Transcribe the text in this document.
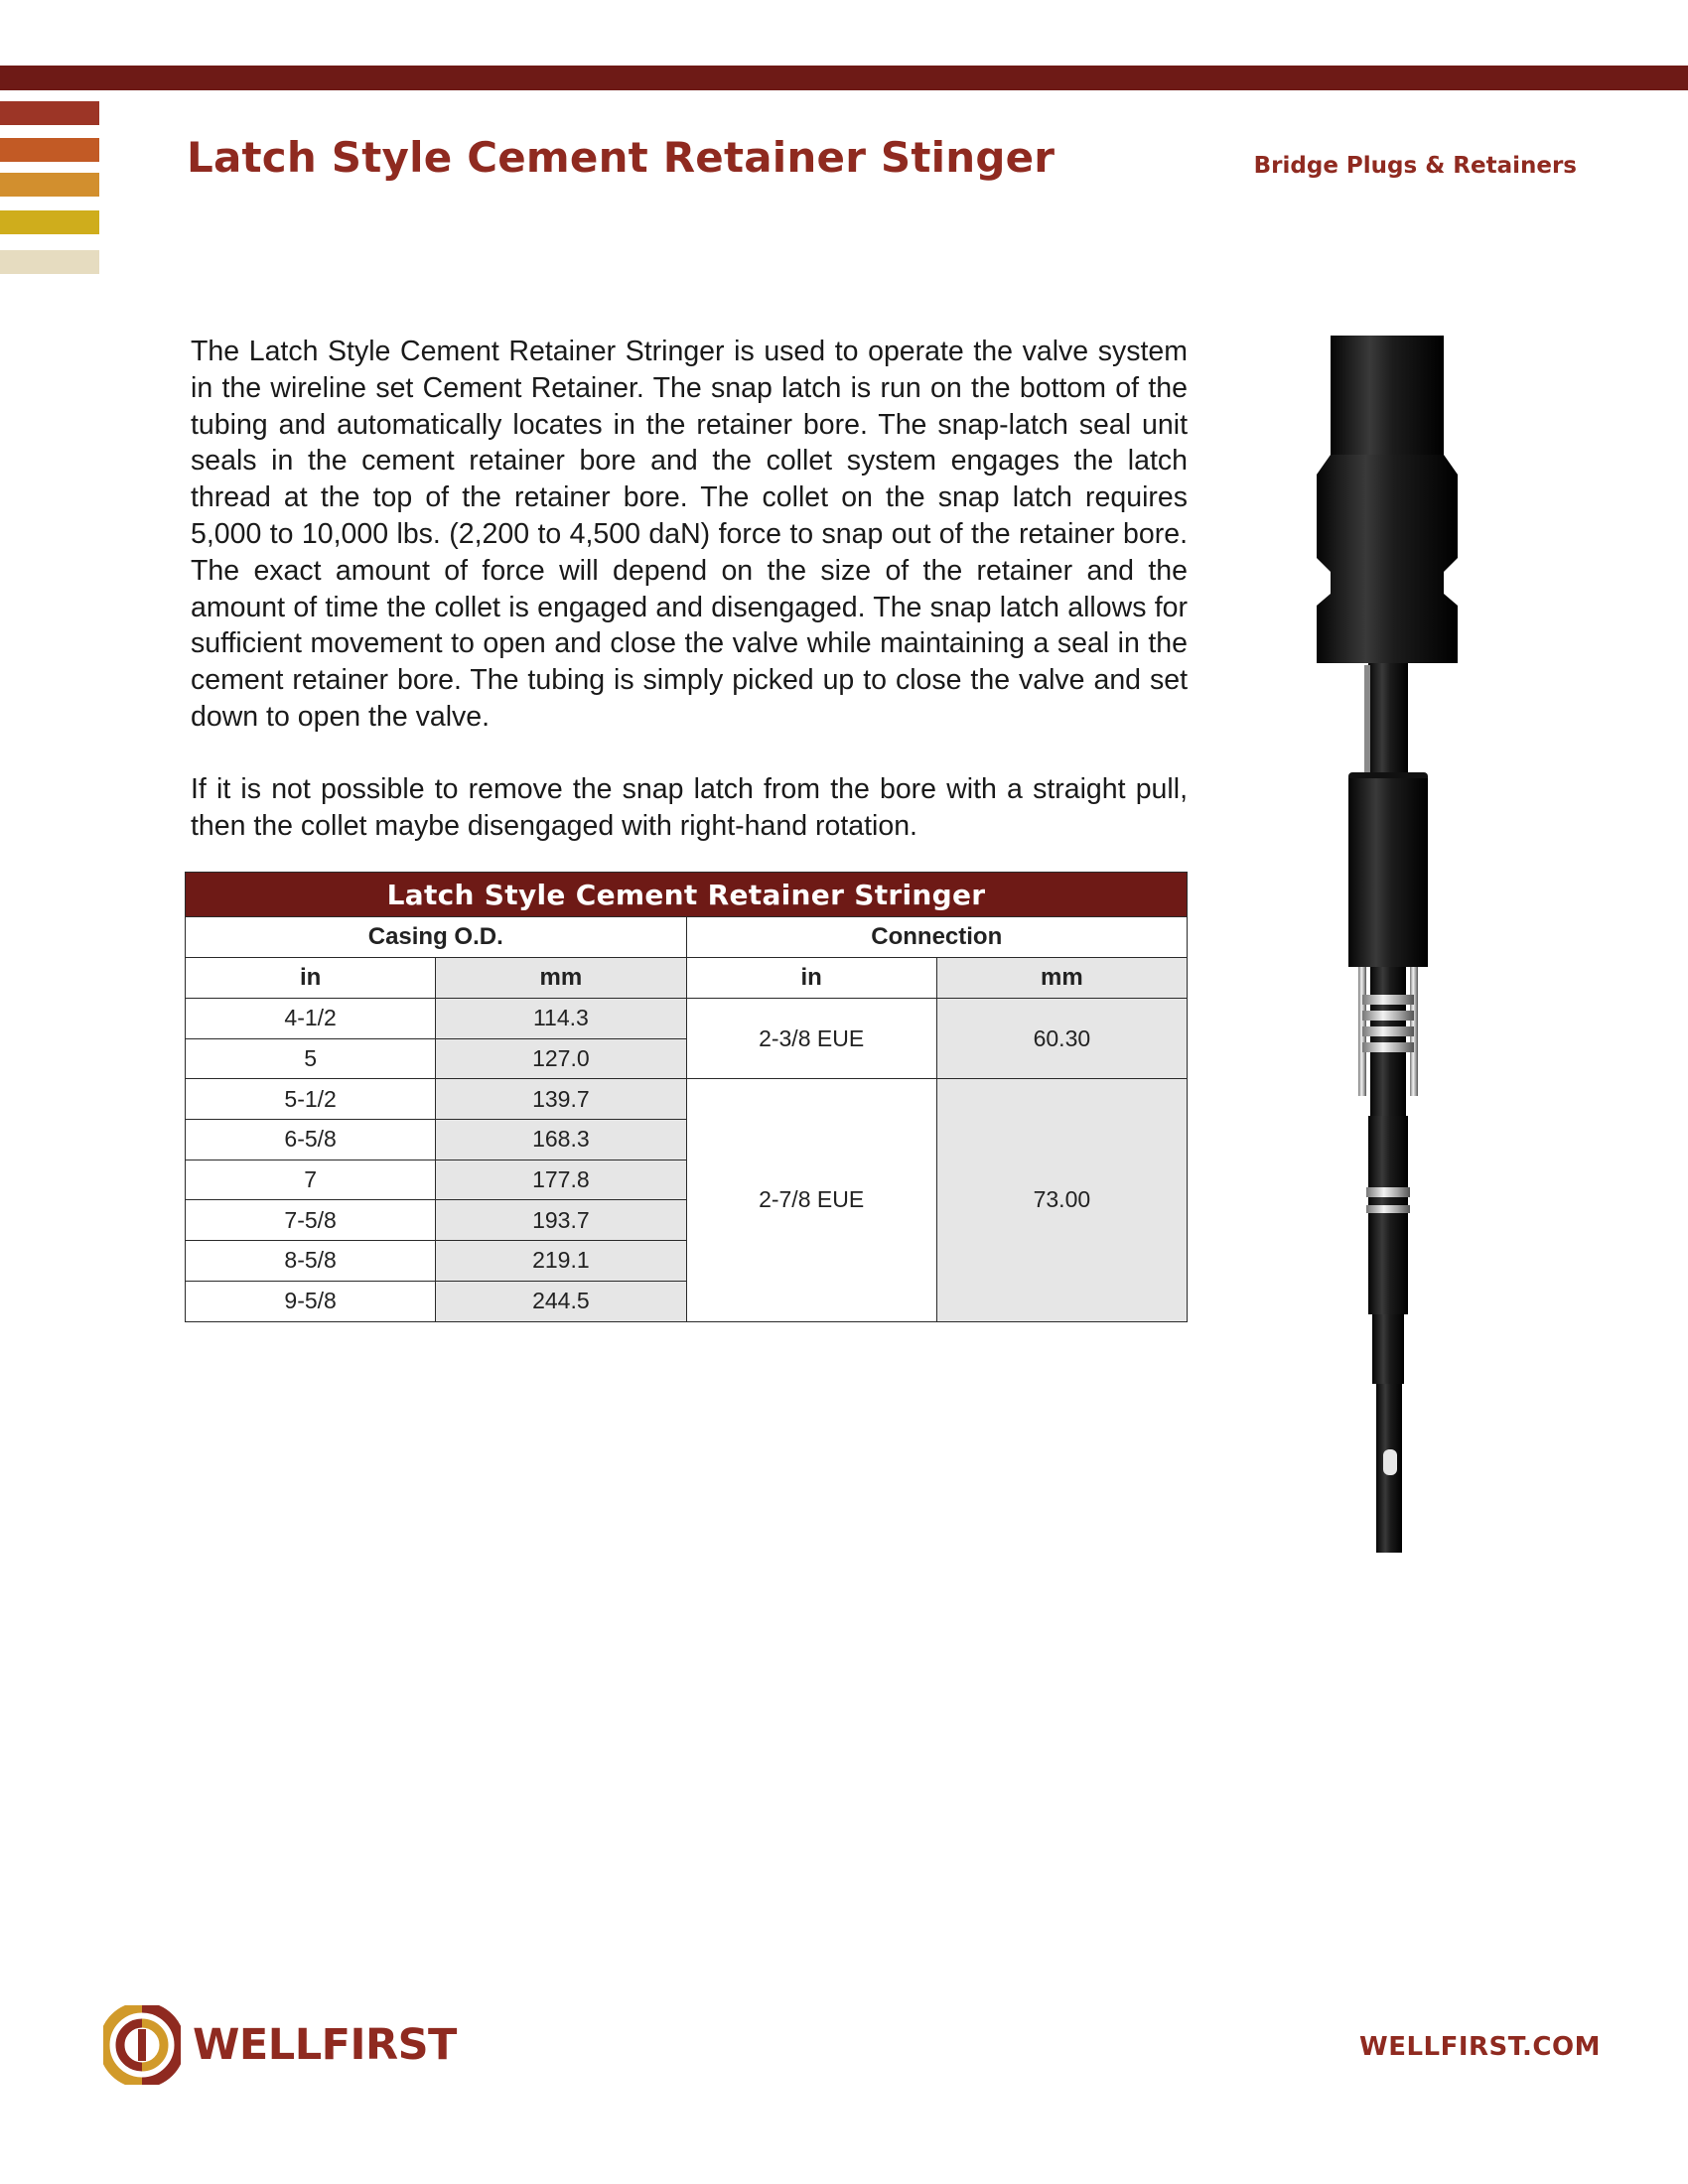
Latch Style Cement Retainer Stinger	Bridge Plugs & Retainers

The Latch Style Cement Retainer Stringer is used to operate the valve system in the wireline set Cement Retainer. The snap latch is run on the bottom of the tubing and automatically locates in the retainer bore. The snap-latch seal unit seals in the cement retainer bore and the collet system engages the latch thread at the top of the retainer bore. The collet on the snap latch requires 5,000 to 10,000 lbs. (2,200 to 4,500 daN) force to snap out of the retainer bore. The exact amount of force will depend on the size of the retainer and the amount of time the collet is engaged and disengaged. The snap latch allows for sufficient movement to open and close the valve while maintaining a seal in the cement retainer bore. The tubing is simply picked up to close the valve and set down to open the valve.

If it is not possible to remove the snap latch from the bore with a straight pull, then the collet maybe disengaged with right-hand rotation.

Latch Style Cement Retainer Stringer			
Casing O.D.		Connection	
in	mm	in	mm
4-1/2	114.3	2-3/8 EUE	60.30
5	127.0		
5-1/2	139.7	2-7/8 EUE	73.00
6-5/8	168.3		
7	177.8		
7-5/8	193.7		
8-5/8	219.1		
9-5/8	244.5		
WELLFIRST	WELLFIRST.COM
